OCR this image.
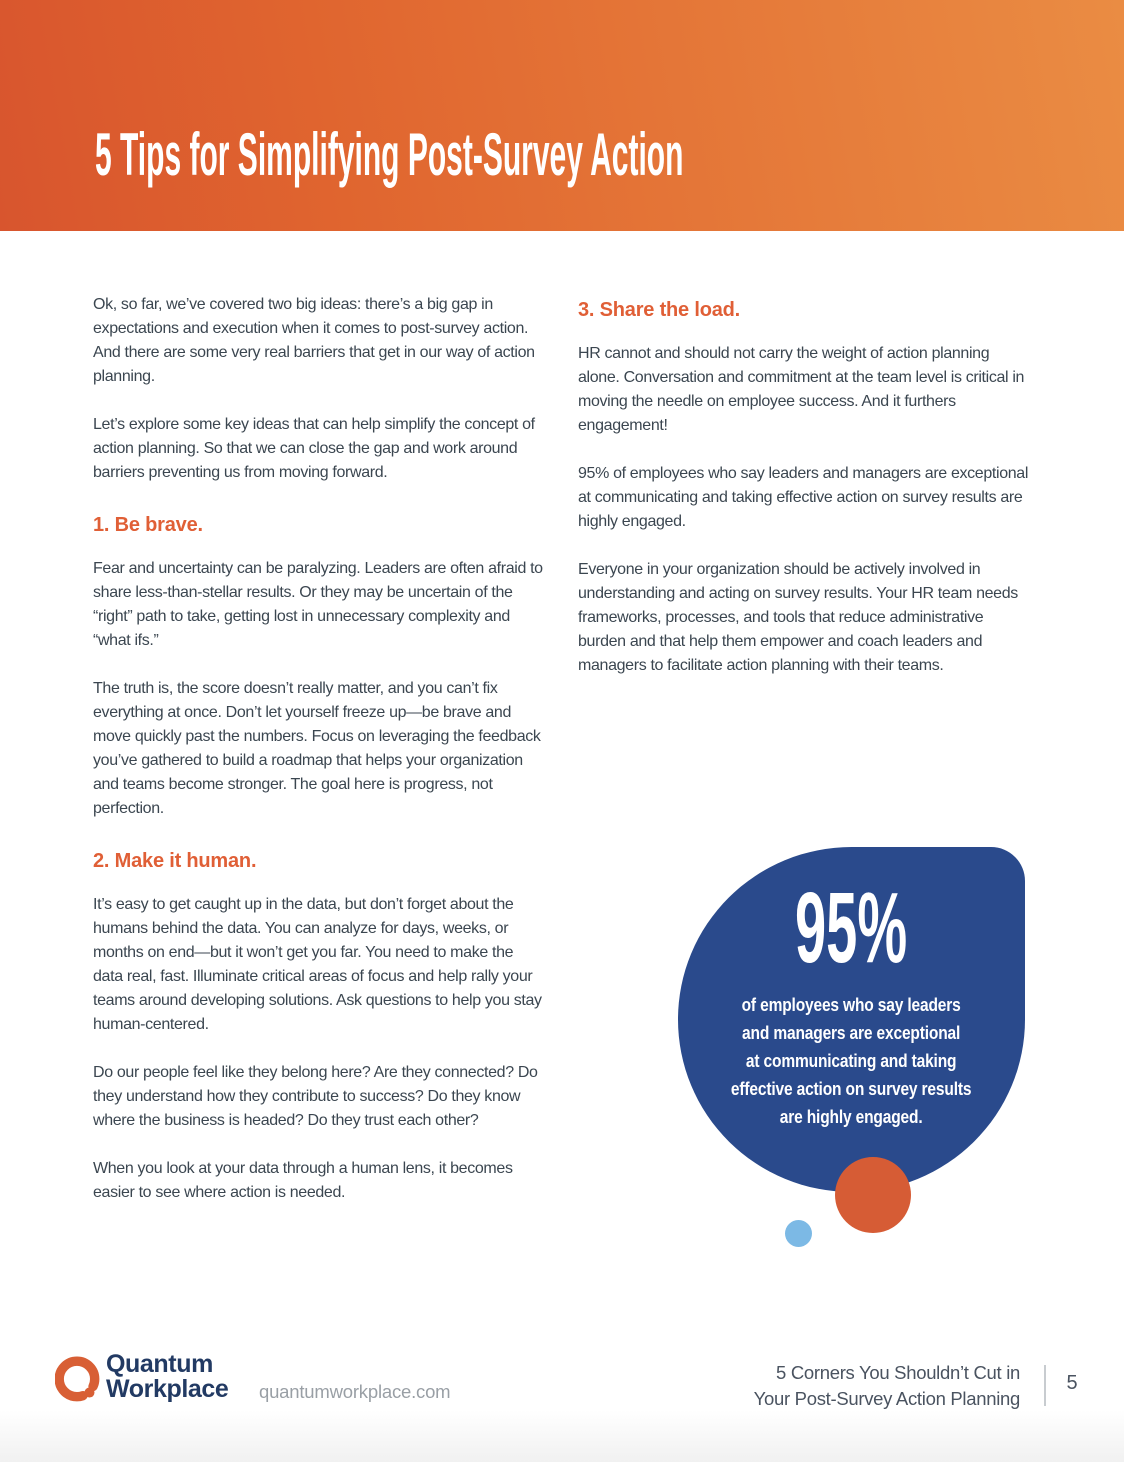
5 Tips for Simplifying Post-Survey Action

Ok, so far, we’ve covered two big ideas: there’s a big gap in expectations and execution when it comes to post-survey action. And there are some very real barriers that get in our way of action planning.

Let’s explore some key ideas that can help simplify the concept of action planning. So that we can close the gap and work around barriers preventing us from moving forward.

1. Be brave.

Fear and uncertainty can be paralyzing. Leaders are often afraid to share less-than-stellar results. Or they may be uncertain of the “right” path to take, getting lost in unnecessary complexity and “what ifs.”

The truth is, the score doesn’t really matter, and you can’t fix everything at once. Don’t let yourself freeze up—be brave and move quickly past the numbers. Focus on leveraging the feedback you’ve gathered to build a roadmap that helps your organization and teams become stronger. The goal here is progress, not perfection.

2. Make it human.

It’s easy to get caught up in the data, but don’t forget about the humans behind the data. You can analyze for days, weeks, or months on end—but it won’t get you far. You need to make the data real, fast. Illuminate critical areas of focus and help rally your teams around developing solutions. Ask questions to help you stay human-centered.

Do our people feel like they belong here? Are they connected? Do they understand how they contribute to success? Do they know where the business is headed? Do they trust each other?

When you look at your data through a human lens, it becomes easier to see where action is needed.

3. Share the load.

HR cannot and should not carry the weight of action planning alone. Conversation and commitment at the team level is critical in moving the needle on employee success. And it furthers engagement!

95% of employees who say leaders and managers are exceptional at communicating and taking effective action on survey results are highly engaged.

Everyone in your organization should be actively involved in understanding and acting on survey results. Your HR team needs frameworks, processes, and tools that reduce administrative burden and that help them empower and coach leaders and managers to facilitate action planning with their teams.

95%
of employees who say leaders
and managers are exceptional
at communicating and taking
effective action on survey results
are highly engaged.
Quantum
Workplace quantumworkplace.com
5 Corners You Shouldn’t Cut in
Your Post-Survey Action Planning
5
